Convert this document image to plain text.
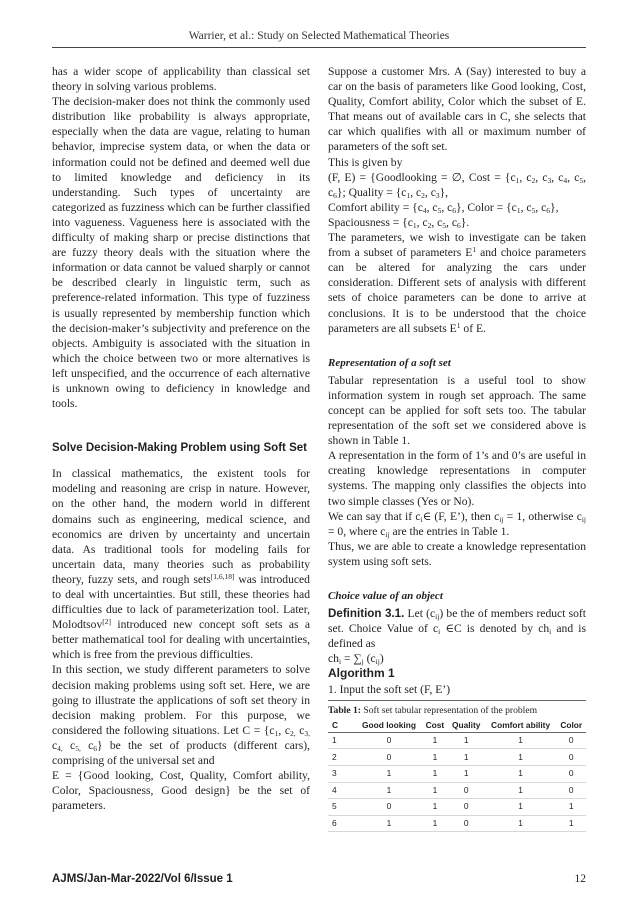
Warrier, et al.: Study on Selected Mathematical Theories

has a wider scope of applicability than classical set theory in solving various problems.

The decision-maker does not think the commonly used distribution like probability is always appropriate, especially when the data are vague, relating to human behavior, imprecise system data, or when the data or information could not be defined and deemed well due to limited knowledge and deficiency in its understanding. Such types of uncertainty are categorized as fuzziness which can be further classified into vagueness. Vagueness here is associated with the difficulty of making sharp or precise distinctions that are fuzzy theory deals with the situation where the information or data cannot be valued sharply or cannot be described clearly in linguistic term, such as preference-related information. This type of fuzziness is usually represented by membership function which the decision-maker’s subjectivity and preference on the objects. Ambiguity is associated with the situation in which the choice between two or more alternatives is left unspecified, and the occurrence of each alternative is unknown owing to deficiency in knowledge and tools.

Solve Decision-Making Problem using Soft Set

In classical mathematics, the existent tools for modeling and reasoning are crisp in nature. However, on the other hand, the modern world in different domains such as engineering, medical science, and economics are driven by uncertainty and uncertain data. As traditional tools for modeling fails for uncertain data, many theories such as probability theory, fuzzy sets, and rough sets[1,6,18] was introduced to deal with uncertainties. But still, these theories had difficulties due to lack of parameterization tool. Later, Molodtsov[2] introduced new concept soft sets as a better mathematical tool for dealing with uncertainties, which is free from the previous difficulties.

In this section, we study different parameters to solve decision making problems using soft set. Here, we are going to illustrate the applications of soft set theory in decision making problem. For this purpose, we considered the following situations. Let $C = \{c_1$, $c_{2,}$ $c_{3,}$ $c_{4,}$ $c_{5,}$ $c_6$} be the set of products (different cars), comprising of the universal set and

E = {Good looking, Cost, Quality, Comfort ability, Color, Spaciousness, Good design} be the set of parameters.

Suppose a customer Mrs. A (Say) interested to buy a car on the basis of parameters like Good looking, Cost, Quality, Comfort ability, Color which the subset of E. That means out of available cars in C, she selects that car which qualifies with all or maximum number of parameters of the soft set.

This is given by

(F, E) = {Goodlooking = ∅, Cost = {$c_1$, $c_2$, $c_3$, $c_4$, $c_5$, $c_6$}; Quality = {$c_1$, $c_2$, $c_3$},
Comfort ability = {$c_4$, $c_5$, $c_6$}, Color = {$c_1$, $c_5$, $c_6$},
Spaciousness = {$c_1$, $c_2$, $c_5$, $c_6$}.

The parameters, we wish to investigate can be taken from a subset of parameters $E^1$ and choice parameters can be altered for analyzing the cars under consideration. Different sets of analysis with different sets of choice parameters can be done to arrive at conclusions. It is to be understood that the choice parameters are all subsets $E^1$ of E.

Representation of a soft set

Tabular representation is a useful tool to show information system in rough set approach. The same concept can be applied for soft sets too. The tabular representation of the soft set we considered above is shown in Table 1.

A representation in the form of 1’s and 0’s are useful in creating knowledge representations in computer systems. The mapping only classifies the objects into two simple classes (Yes or No).

We can say that if $c_i\in$ (F, E’), then $c_{ij} = 1$, otherwise $c_{ij} = 0$, where $c_{ij}$ are the entries in Table 1.

Thus, we are able to create a knowledge representation system using soft sets.

Choice value of an object

Definition 3.1. Let $(c_{ij})$ be the of members reduct soft set. Choice Value of $c_i$ ∈C is denoted by $ch_i$ and is defined as

$ch_i = \sum_j$ $(c_{ij})$

Algorithm 1

1. Input the soft set (F, E’)

Table 1: Soft set tabular representation of the problem

C	Good looking	Cost	Quality	Comfort ability	Color
1	0	1	1	1	0
2	0	1	1	1	0
3	1	1	1	1	0
4	1	1	0	1	0
5	0	1	0	1	1
6	1	1	0	1	1
AJMS/Jan-Mar-2022/Vol 6/Issue 1	12
